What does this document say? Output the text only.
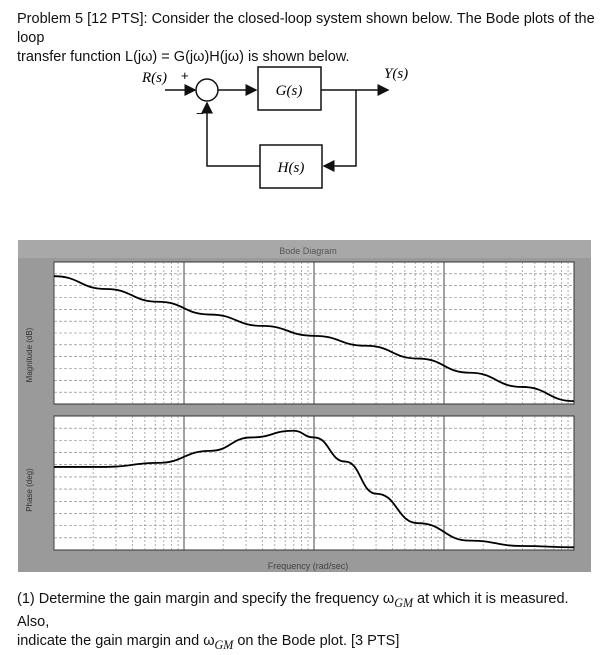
Problem 5 [12 PTS]: Consider the closed-loop system shown below. The Bode plots of the loop
transfer function L(jω) = G(jω)H(jω) is shown below.
R(s) +
−
G(s)
Y(s)
H(s)
Bode Diagram
Frequency (rad/sec)
Magnitude (dB)
Phase (deg)
(1) Determine the gain margin and specify the frequency $\omega_{GM}$ at which it is measured. Also,
indicate the gain margin and $\omega_{GM}$ on the Bode plot. [3 PTS]
